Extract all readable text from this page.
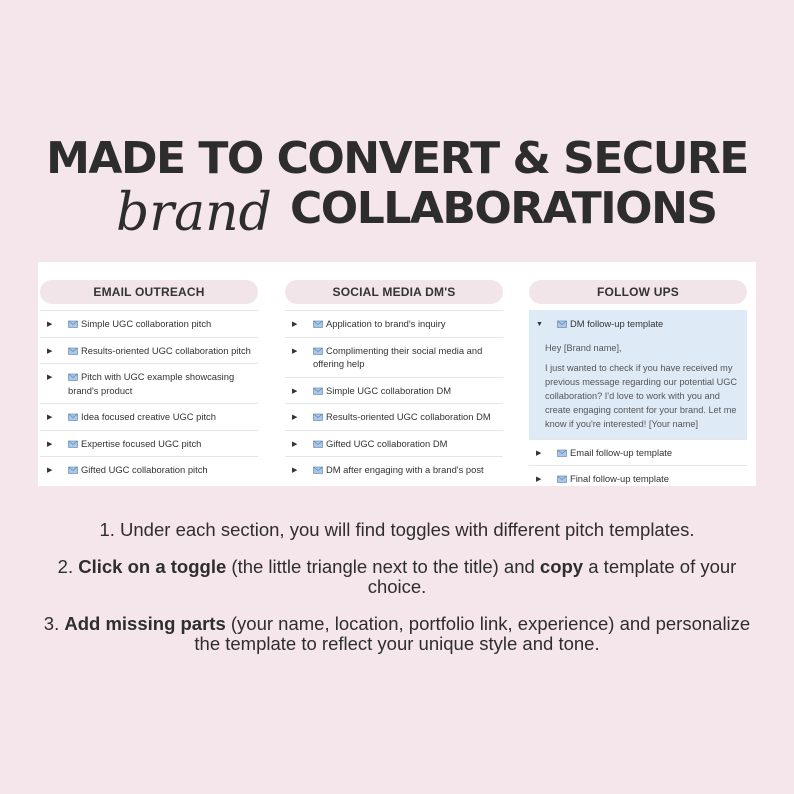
MADE TO CONVERT & SECURE
brand COLLABORATIONS
EMAIL OUTREACH
▶	Simple UGC collaboration pitch
▶	Results-oriented UGC collaboration pitch
▶	Pitch with UGC example showcasing brand's product
▶	Idea focused creative UGC pitch
▶	Expertise focused UGC pitch
▶	Gifted UGC collaboration pitch
SOCIAL MEDIA DM'S
▶	Application to brand's inquiry
▶	Complimenting their social media and offering help
▶	Simple UGC collaboration DM
▶	Results-oriented UGC collaboration DM
▶	Gifted UGC collaboration DM
▶	DM after engaging with a brand's post
FOLLOW UPS
▼	DM follow-up template
Hey [Brand name],
I just wanted to check if you have received my previous message regarding our potential UGC collaboration? I'd love to work with you and create engaging content for your brand. Let me know if you're interested! [Your name]
▶	Email follow-up template
▶	Final follow-up template

1. Under each section, you will find toggles with different pitch templates.

2. Click on a toggle (the little triangle next to the title) and copy a template of your choice.

3. Add missing parts (your name, location, portfolio link, experience) and personalize the template to reflect your unique style and tone.
